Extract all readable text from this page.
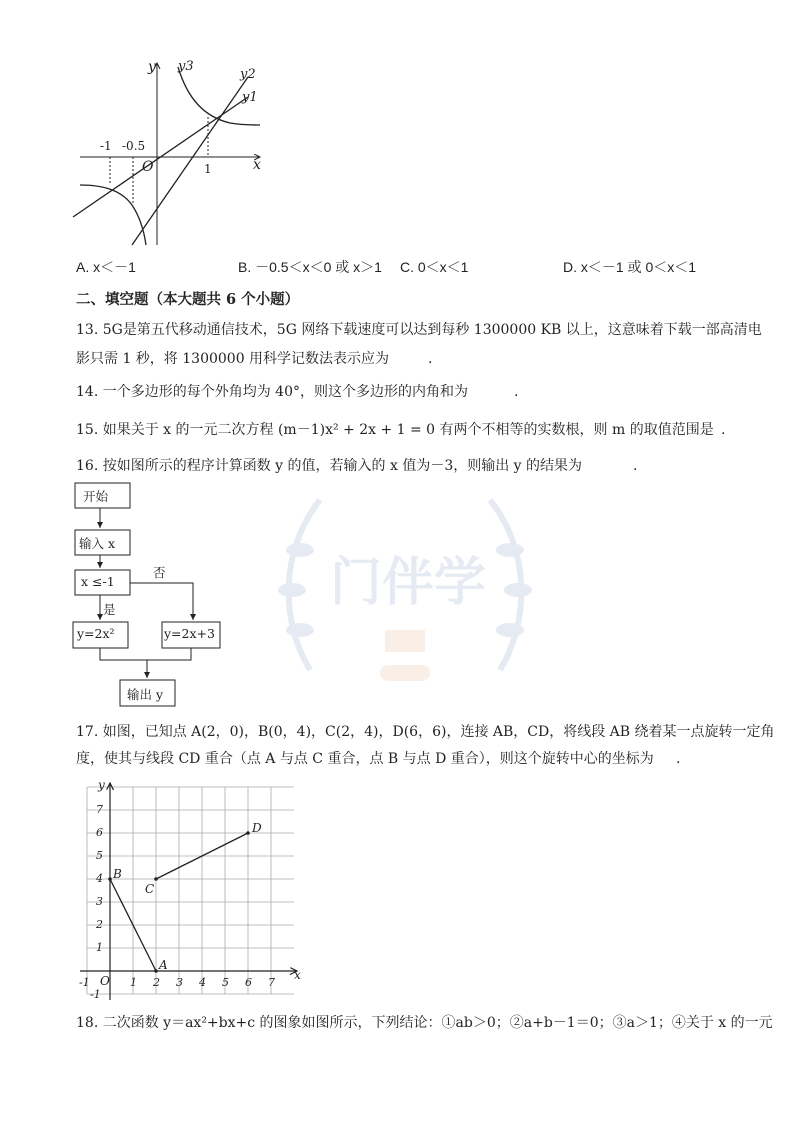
门伴学
y
x
O
y3
y2
y1
-1 -0.5
1
A. x＜－1	B. －0.5＜x＜0 或 x＞1 C. 0＜x＜1	D. x＜－1 或 0＜x＜1
二、填空题（本大题共 6 个小题）
13. 5G是第五代移动通信技术，5G 网络下载速度可以达到每秒 1300000 KB 以上，这意味着下载一部高清电
影只需 1 秒，将 1300000 用科学记数法表示应为	.
14. 一个多边形的每个外角均为 40°，则这个多边形的内角和为	.
15. 如果关于 x 的一元二次方程 (m－1)x² + 2x + 1 = 0 有两个不相等的实数根，则 m 的取值范围是 .
16. 按如图所示的程序计算函数 y 的值，若输入的 x 值为－3，则输出 y 的结果为	.
开始
输入 x
x ≤-1
否
是
y=2x²	y=2x+3
输出 y
17. 如图，已知点 A(2，0)，B(0，4)，C(2，4)，D(6，6)，连接 AB，CD，将线段 AB 绕着某一点旋转一定角
度，使其与线段 CD 重合（点 A 与点 C 重合，点 B 与点 D 重合），则这个旋转中心的坐标为 .
y
x
O
-1	1 2 3 4 5 6 7
-1
1
2
3
4
5
6
7
A
B
C
D
18. 二次函数 y＝ax²+bx+c 的图象如图所示，下列结论：①ab＞0；②a+b－1＝0；③a＞1；④关于 x 的一元
